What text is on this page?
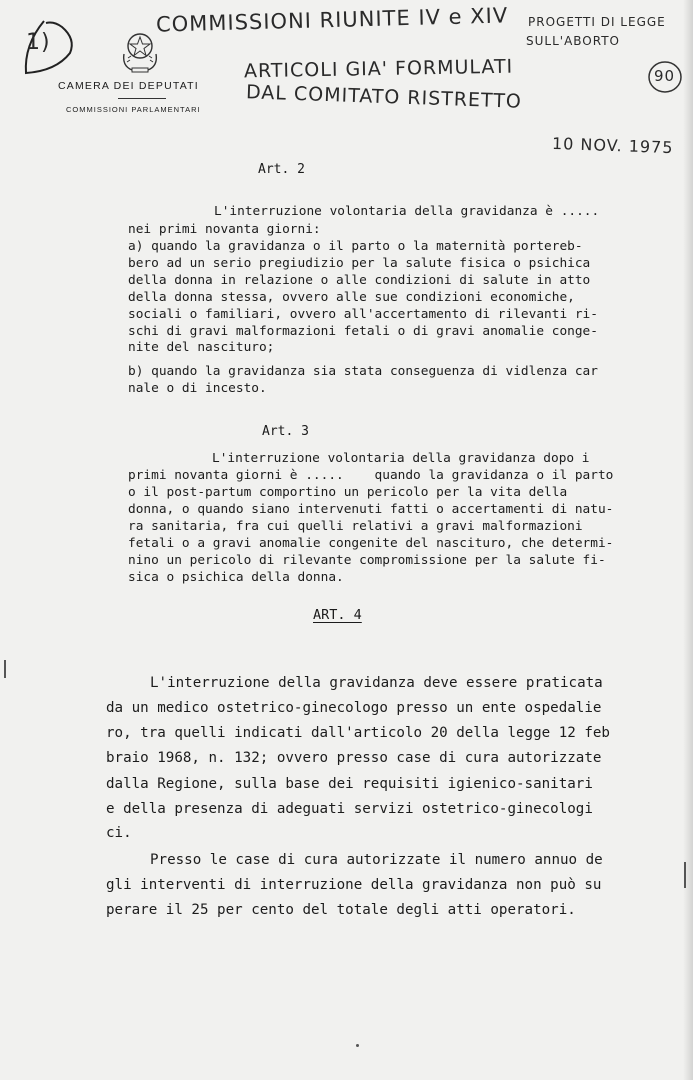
1)
CAMERA DEI DEPUTATI
COMMISSIONI PARLAMENTARI
COMMISSIONI RIUNITE IV e XIV PROGETTI DI LEGGE
SULL'ABORTO
ARTICOLI GIA' FORMULATI
DAL COMITATO RISTRETTO
90
10 NOV. 1975
Art. 2
L'interruzione volontaria della gravidanza è .....
nei primi novanta giorni:
a) quando la gravidanza o il parto o la maternità portereb-
bero ad un serio pregiudizio per la salute fisica o psichica
della donna in relazione o alle condizioni di salute in atto
della donna stessa, ovvero alle sue condizioni economiche,
sociali o familiari, ovvero all'accertamento di rilevanti ri-
schi di gravi malformazioni fetali o di gravi anomalie conge-
nite del nascituro;
b) quando la gravidanza sia stata conseguenza di vidlenza car
nale o di incesto.
Art. 3
L'interruzione volontaria della gravidanza dopo i
primi novanta giorni è .....    quando la gravidanza o il parto
o il post-partum comportino un pericolo per la vita della
donna, o quando siano intervenuti fatti o accertamenti di natu-
ra sanitaria, fra cui quelli relativi a gravi malformazioni
fetali o a gravi anomalie congenite del nascituro, che determi-
nino un pericolo di rilevante compromissione per la salute fi-
sica o psichica della donna.
ART. 4
L'interruzione della gravidanza deve essere praticata
da un medico ostetrico-ginecologo presso un ente ospedalie
ro, tra quelli indicati dall'articolo 20 della legge 12 feb
braio 1968, n. 132; ovvero presso case di cura autorizzate
dalla Regione, sulla base dei requisiti igienico-sanitari
e della presenza di adeguati servizi ostetrico-ginecologi
ci.
Presso le case di cura autorizzate il numero annuo de
gli interventi di interruzione della gravidanza non può su
perare il 25 per cento del totale degli atti operatori.
